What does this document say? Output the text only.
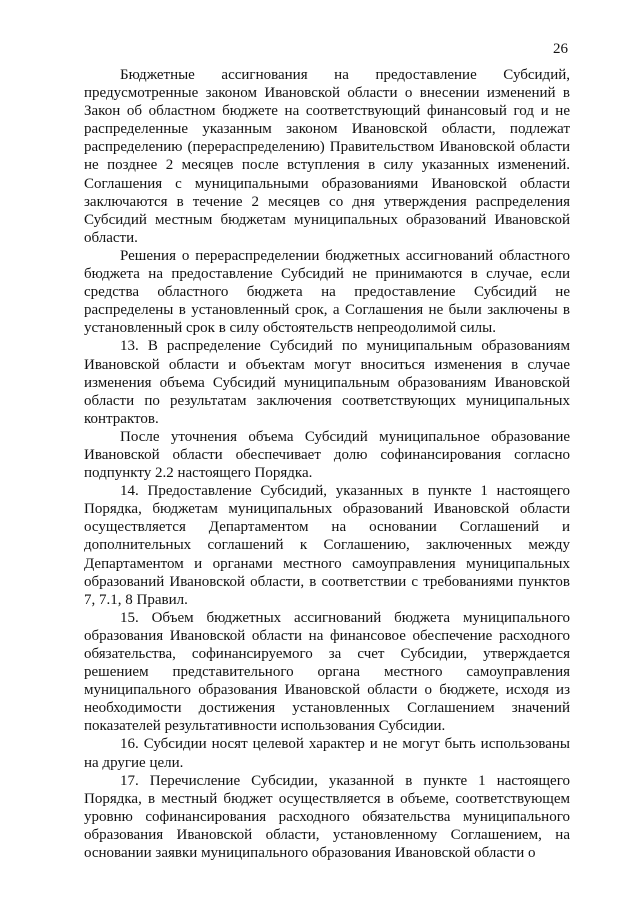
26

Бюджетные ассигнования на предоставление Субсидий, предусмотренные законом Ивановской области о внесении изменений в Закон об областном бюджете на соответствующий финансовый год и не распределенные указанным законом Ивановской области, подлежат распределению (перераспределению) Правительством Ивановской области не позднее 2 месяцев после вступления в силу указанных изменений. Соглашения с муниципальными образованиями Ивановской области заключаются в течение 2 месяцев со дня утверждения распределения Субсидий местным бюджетам муниципальных образований Ивановской области.

Решения о перераспределении бюджетных ассигнований областного бюджета на предоставление Субсидий не принимаются в случае, если средства областного бюджета на предоставление Субсидий не распределены в установленный срок, а Соглашения не были заключены в установленный срок в силу обстоятельств непреодолимой силы.

13. В распределение Субсидий по муниципальным образованиям Ивановской области и объектам могут вноситься изменения в случае изменения объема Субсидий муниципальным образованиям Ивановской области по результатам заключения соответствующих муниципальных контрактов.

После уточнения объема Субсидий муниципальное образование Ивановской области обеспечивает долю софинансирования согласно подпункту 2.2 настоящего Порядка.

14. Предоставление Субсидий, указанных в пункте 1 настоящего Порядка, бюджетам муниципальных образований Ивановской области осуществляется Департаментом на основании Соглашений и дополнительных соглашений к Соглашению, заключенных между Департаментом и органами местного самоуправления муниципальных образований Ивановской области, в соответствии с требованиями пунктов 7, 7.1, 8 Правил.

15. Объем бюджетных ассигнований бюджета муниципального образования Ивановской области на финансовое обеспечение расходного обязательства, софинансируемого за счет Субсидии, утверждается решением представительного органа местного самоуправления муниципального образования Ивановской области о бюджете, исходя из необходимости достижения установленных Соглашением значений показателей результативности использования Субсидии.

16. Субсидии носят целевой характер и не могут быть использованы на другие цели.

17. Перечисление Субсидии, указанной в пункте 1 настоящего Порядка, в местный бюджет осуществляется в объеме, соответствующем уровню софинансирования расходного обязательства муниципального образования Ивановской области, установленному Соглашением, на основании заявки муниципального образования Ивановской области о
